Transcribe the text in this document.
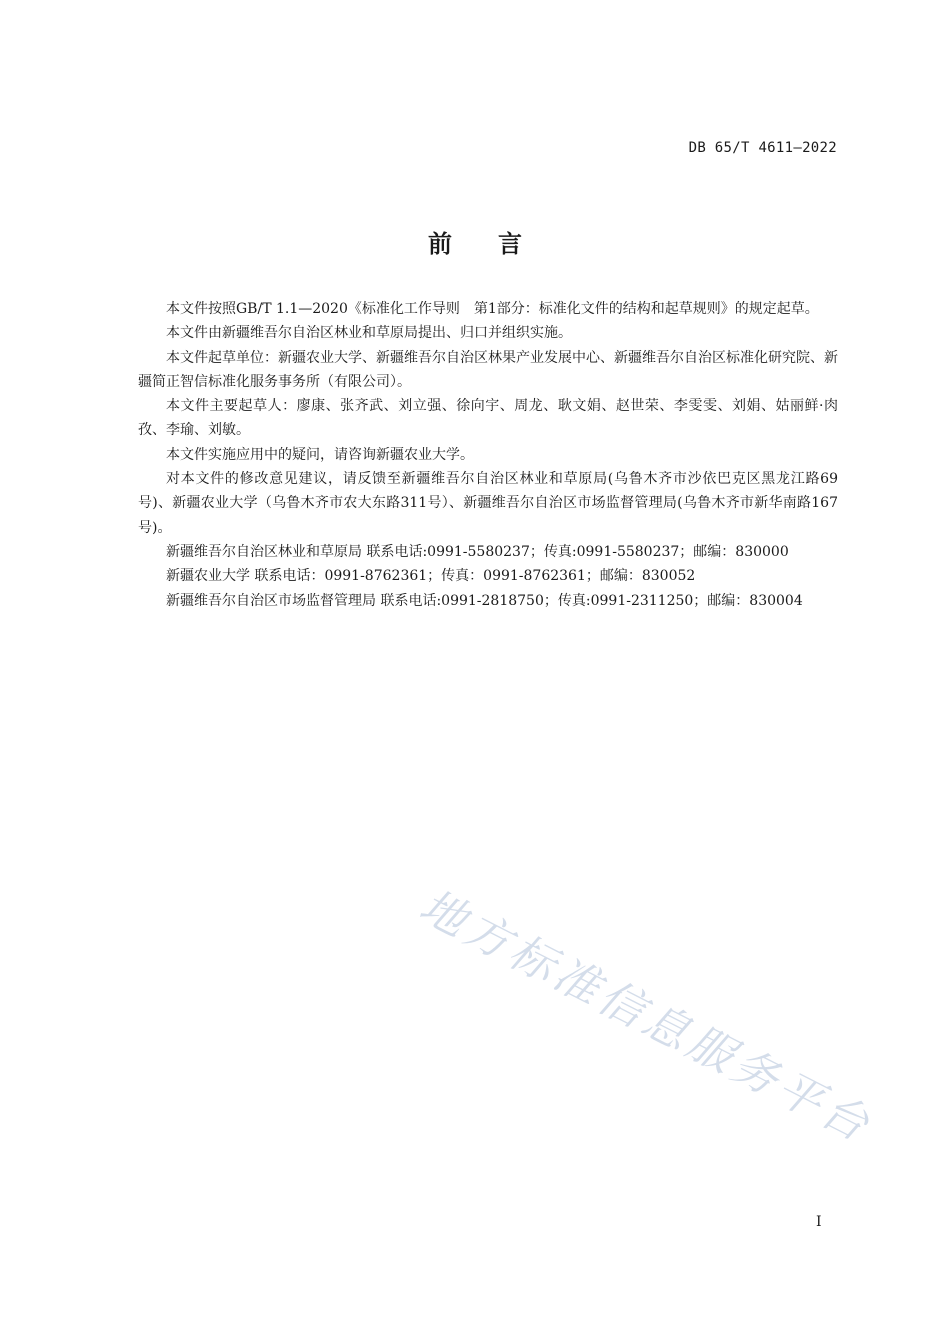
DB 65/T 4611—2022
前言

本文件按照GB/T 1.1—2020《标准化工作导则　第1部分：标准化文件的结构和起草规则》的规定起草。

本文件由新疆维吾尔自治区林业和草原局提出、归口并组织实施。

本文件起草单位：新疆农业大学、新疆维吾尔自治区林果产业发展中心、新疆维吾尔自治区标准化研究院、新疆简正智信标准化服务事务所（有限公司）。

本文件主要起草人：廖康、张齐武、刘立强、徐向宇、周龙、耿文娟、赵世荣、李雯雯、刘娟、姑丽鲜·肉孜、李瑜、刘敏。

本文件实施应用中的疑问，请咨询新疆农业大学。

对本文件的修改意见建议，请反馈至新疆维吾尔自治区林业和草原局(乌鲁木齐市沙依巴克区黑龙江路69号)、新疆农业大学（乌鲁木齐市农大东路311号）、新疆维吾尔自治区市场监督管理局(乌鲁木齐市新华南路167号)。

新疆维吾尔自治区林业和草原局 联系电话:0991-5580237；传真:0991-5580237；邮编：830000

新疆农业大学 联系电话：0991-8762361；传真：0991-8762361；邮编：830052

新疆维吾尔自治区市场监督管理局 联系电话:0991-2818750；传真:0991-2311250；邮编：830004

地方标准信息服务平台
I
